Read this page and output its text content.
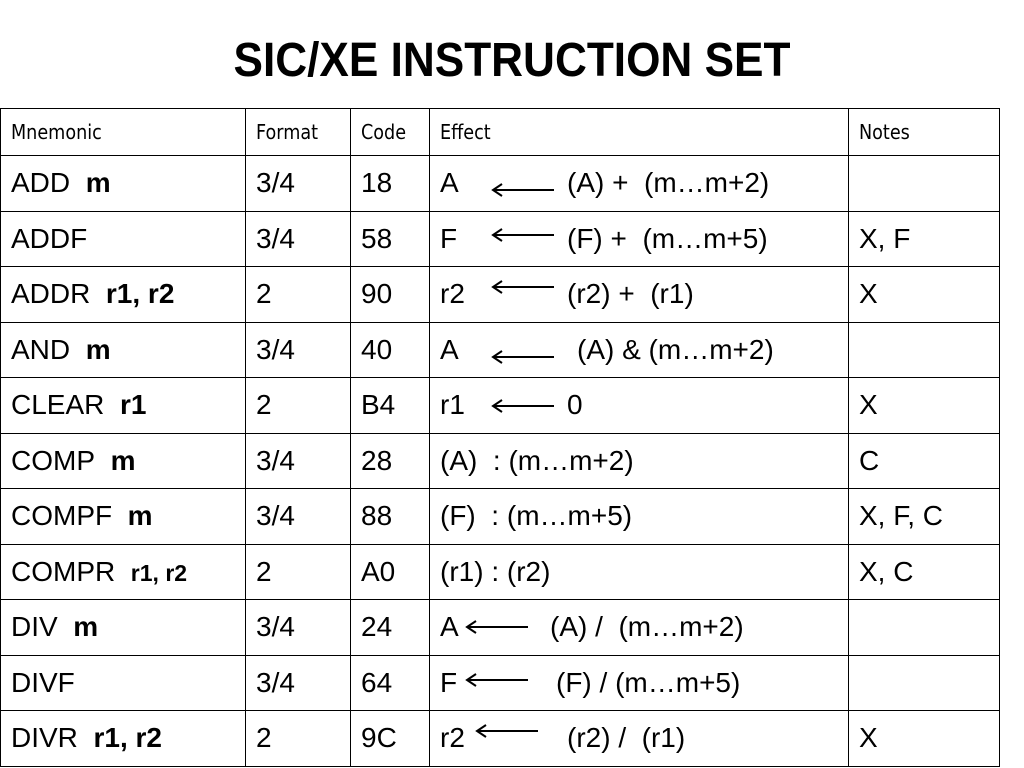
SIC/XE INSTRUCTION SET
Mnemonic	Format	Code	Effect	Notes
ADD m	3/4	18	A (A) +  (m…m+2)	

ADDF	3/4	58	F (F) +  (m…m+5)	X, F
ADDR r1, r2	2	90	r2 (r2) +  (r1)	X
AND m	3/4	40	A (A) & (m…m+2)	

CLEAR r1	2	B4	r1 0	X
COMP m	3/4	28	(A)  : (m…m+2)	C
COMPF m	3/4	88	(F)  : (m…m+5)	X, F, C
COMPR r1, r2	2	A0	(r1) : (r2)	X, C
DIV m	3/4	24	A (A) /  (m…m+2)	

DIVF	3/4	64	F (F) / (m…m+5)	

DIVR r1, r2	2	9C	r2 (r2) /  (r1)	X
